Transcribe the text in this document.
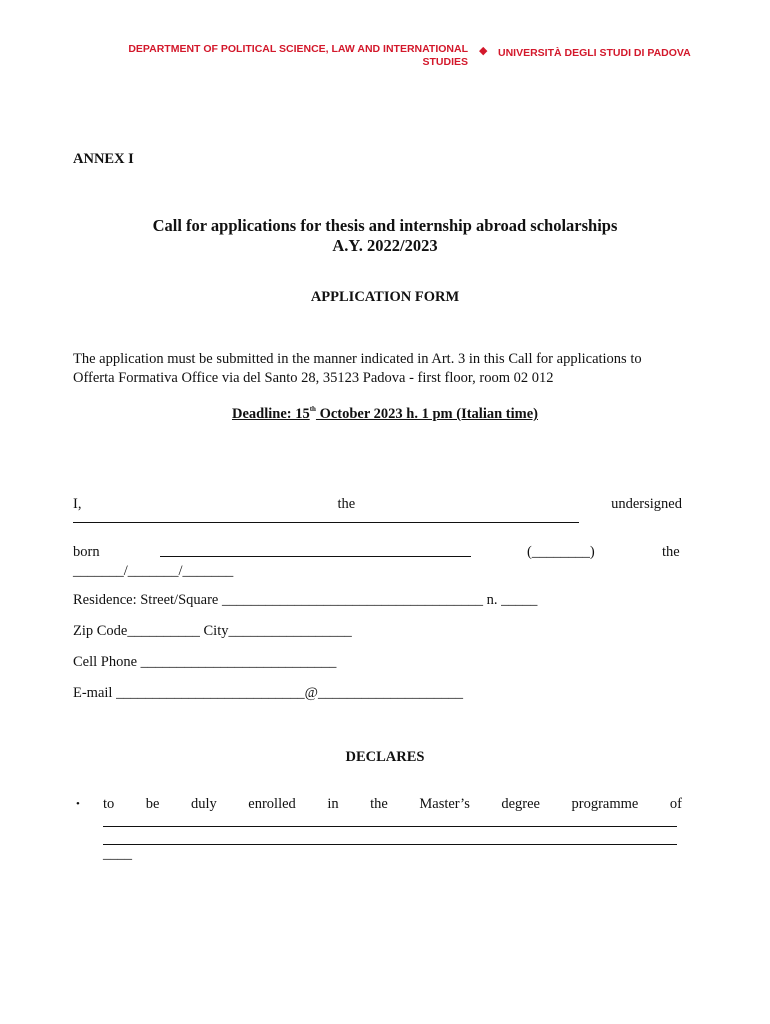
DEPARTMENT OF POLITICAL SCIENCE, LAW AND INTERNATIONAL
STUDIES
◆ UNIVERSITÀ DEGLI STUDI DI PADOVA
ANNEX I
Call for applications for thesis and internship abroad scholarships
A.Y. 2022/2023
APPLICATION FORM
The application must be submitted in the manner indicated in Art. 3 in this Call for applications to
Offerta Formativa Office via del Santo 28, 35123 Padova - first floor, room 02 012
Deadline: 15th October 2023 h. 1 pm (Italian time)
I,	the	undersigned
born	(________)	the
_______/_______/_______
Residence: Street/Square ____________________________________ n. _____
Zip Code__________ City_________________
Cell Phone ___________________________
E-mail __________________________@____________________
DECLARES
• to be duly enrolled in the Master’s degree programme of
____
